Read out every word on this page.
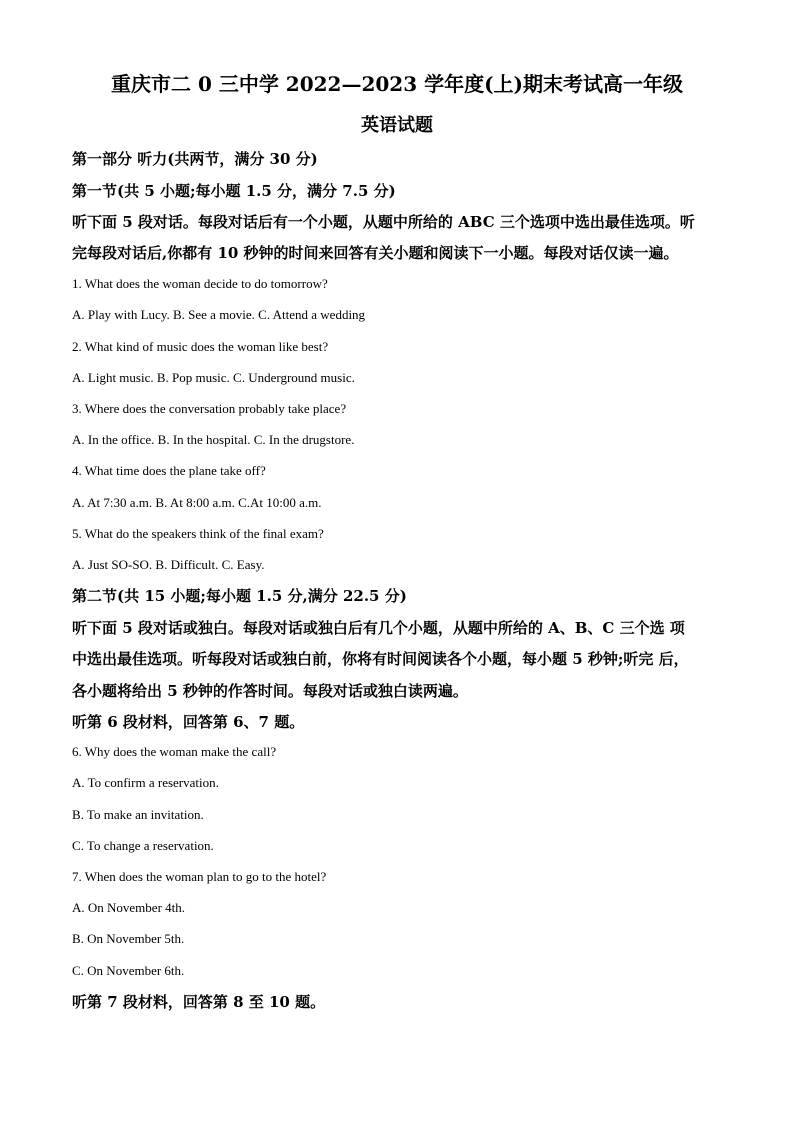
重庆市二 0 三中学 2022—2023 学年度(上)期末考试高一年级
英语试题
第一部分 听力(共两节，满分 30 分)
第一节(共 5 小题;每小题 1.5 分，满分 7.5 分)
听下面 5 段对话。每段对话后有一个小题，从题中所给的 ABC 三个选项中选出最佳选项。听
完每段对话后,你都有 10 秒钟的时间来回答有关小题和阅读下一小题。每段对话仅读一遍。
1. What does the woman decide to do tomorrow?
A. Play with Lucy. B. See a movie. C. Attend a wedding
2. What kind of music does the woman like best?
A. Light music. B. Pop music. C. Underground music.
3. Where does the conversation probably take place?
A. In the office. B. In the hospital. C. In the drugstore.
4. What time does the plane take off?
A. At 7:30 a.m. B. At 8:00 a.m. C.At 10:00 a.m.
5. What do the speakers think of the final exam?
A. Just SO-SO. B. Difficult. C. Easy.
第二节(共 15 小题;每小题 1.5 分,满分 22.5 分)
听下面 5 段对话或独白。每段对话或独白后有几个小题，从题中所给的 A、B、C 三个选 项
中选出最佳选项。听每段对话或独白前，你将有时间阅读各个小题，每小题 5 秒钟;听完 后，
各小题将给出 5 秒钟的作答时间。每段对话或独白读两遍。
听第 6 段材料，回答第 6、7 题。
6. Why does the woman make the call?
A. To confirm a reservation.
B. To make an invitation.
C. To change a reservation.
7. When does the woman plan to go to the hotel?
A. On November 4th.
B. On November 5th.
C. On November 6th.
听第 7 段材料，回答第 8 至 10 题。
